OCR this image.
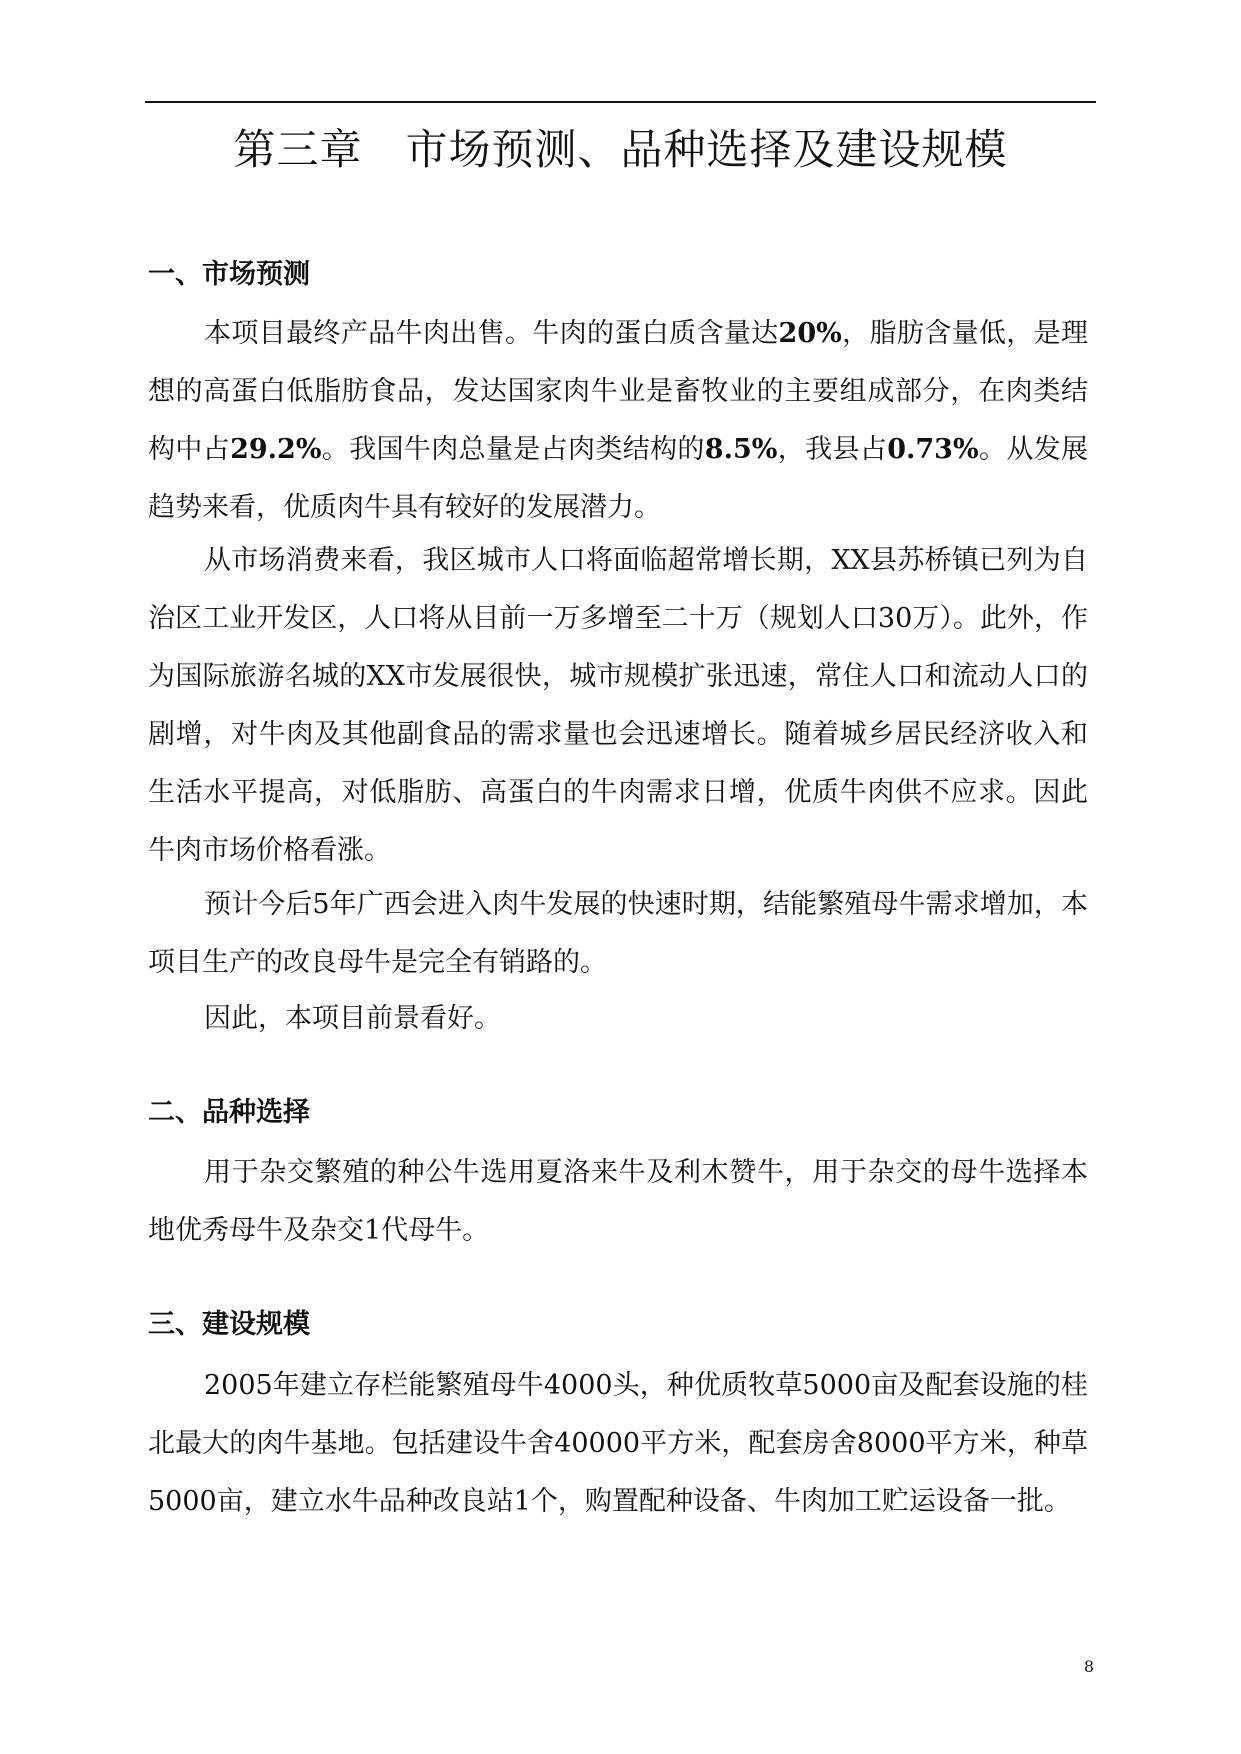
第三章　市场预测、品种选择及建设规模
一、市场预测

本项目最终产品牛肉出售。牛肉的蛋白质含量达20%，脂肪含量低，是理想的高蛋白低脂肪食品，发达国家肉牛业是畜牧业的主要组成部分，在肉类结构中占29.2%。我国牛肉总量是占肉类结构的8.5%，我县占0.73%。从发展趋势来看，优质肉牛具有较好的发展潜力。

从市场消费来看，我区城市人口将面临超常增长期，XX县苏桥镇已列为自治区工业开发区，人口将从目前一万多增至二十万（规划人口30万）。此外，作为国际旅游名城的XX市发展很快，城市规模扩张迅速，常住人口和流动人口的剧增，对牛肉及其他副食品的需求量也会迅速增长。随着城乡居民经济收入和生活水平提高，对低脂肪、高蛋白的牛肉需求日增，优质牛肉供不应求。因此牛肉市场价格看涨。

预计今后5年广西会进入肉牛发展的快速时期，结能繁殖母牛需求增加，本项目生产的改良母牛是完全有销路的。

因此，本项目前景看好。

二、品种选择

用于杂交繁殖的种公牛选用夏洛来牛及利木赞牛，用于杂交的母牛选择本地优秀母牛及杂交1代母牛。

三、建设规模

2005年建立存栏能繁殖母牛4000头，种优质牧草5000亩及配套设施的桂北最大的肉牛基地。包括建设牛舍40000平方米，配套房舍8000平方米，种草5000亩，建立水牛品种改良站1个，购置配种设备、牛肉加工贮运设备一批。

8
